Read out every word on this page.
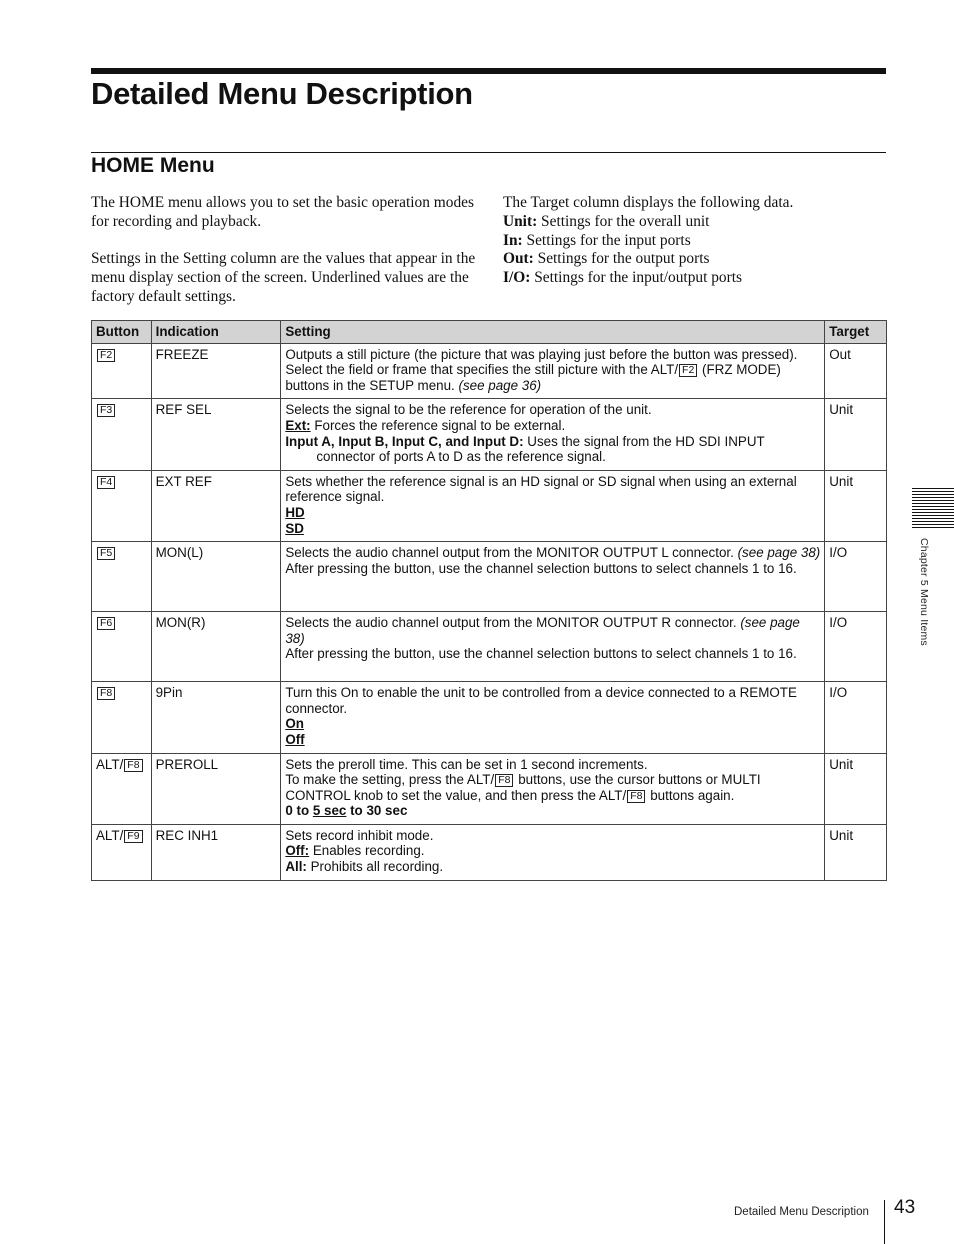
Detailed Menu Description
HOME Menu

The HOME menu allows you to set the basic operation modes for recording and playback.

Settings in the Setting column are the values that appear in the menu display section of the screen. Underlined values are the factory default settings.

The Target column displays the following data.

Unit: Settings for the overall unit

In: Settings for the input ports

Out: Settings for the output ports

I/O: Settings for the input/output ports

Button	Indication	Setting	Target
F2	FREEZE	Outputs a still picture (the picture that was playing just before the button was pressed). Select the field or frame that specifies the still picture with the ALT/ F2 (FRZ MODE) buttons in the SETUP menu. (see page 36)	Out
F3	REF SEL	Selects the signal to be the reference for operation of the unit.
Ext: Forces the reference signal to be external.
Input A, Input B, Input C, and Input D: Uses the signal from the HD SDI INPUT
connector of ports A to D as the reference signal.	Unit
F4	EXT REF	Sets whether the reference signal is an HD signal or SD signal when using an external reference signal.
HD
SD	Unit
F5	MON(L)	Selects the audio channel output from the MONITOR OUTPUT L connector. (see page 38)
After pressing the button, use the channel selection buttons to select channels 1 to 16.	I/O
F6	MON(R)	Selects the audio channel output from the MONITOR OUTPUT R connector. (see page 38)
After pressing the button, use the channel selection buttons to select channels 1 to 16.	I/O
F8	9Pin	Turn this On to enable the unit to be controlled from a device connected to a REMOTE connector.
On
Off	I/O
ALT/ F8	PREROLL	Sets the preroll time. This can be set in 1 second increments.
To make the setting, press the ALT/ F8 buttons, use the cursor buttons or MULTI CONTROL knob to set the value, and then press the ALT/ F8 buttons again.
0 to 5 sec to 30 sec	Unit
ALT/ F9	REC INH1	Sets record inhibit mode.
Off: Enables recording.
All: Prohibits all recording.	Unit
Chapter 5 Menu Items
Detailed Menu Description 43
